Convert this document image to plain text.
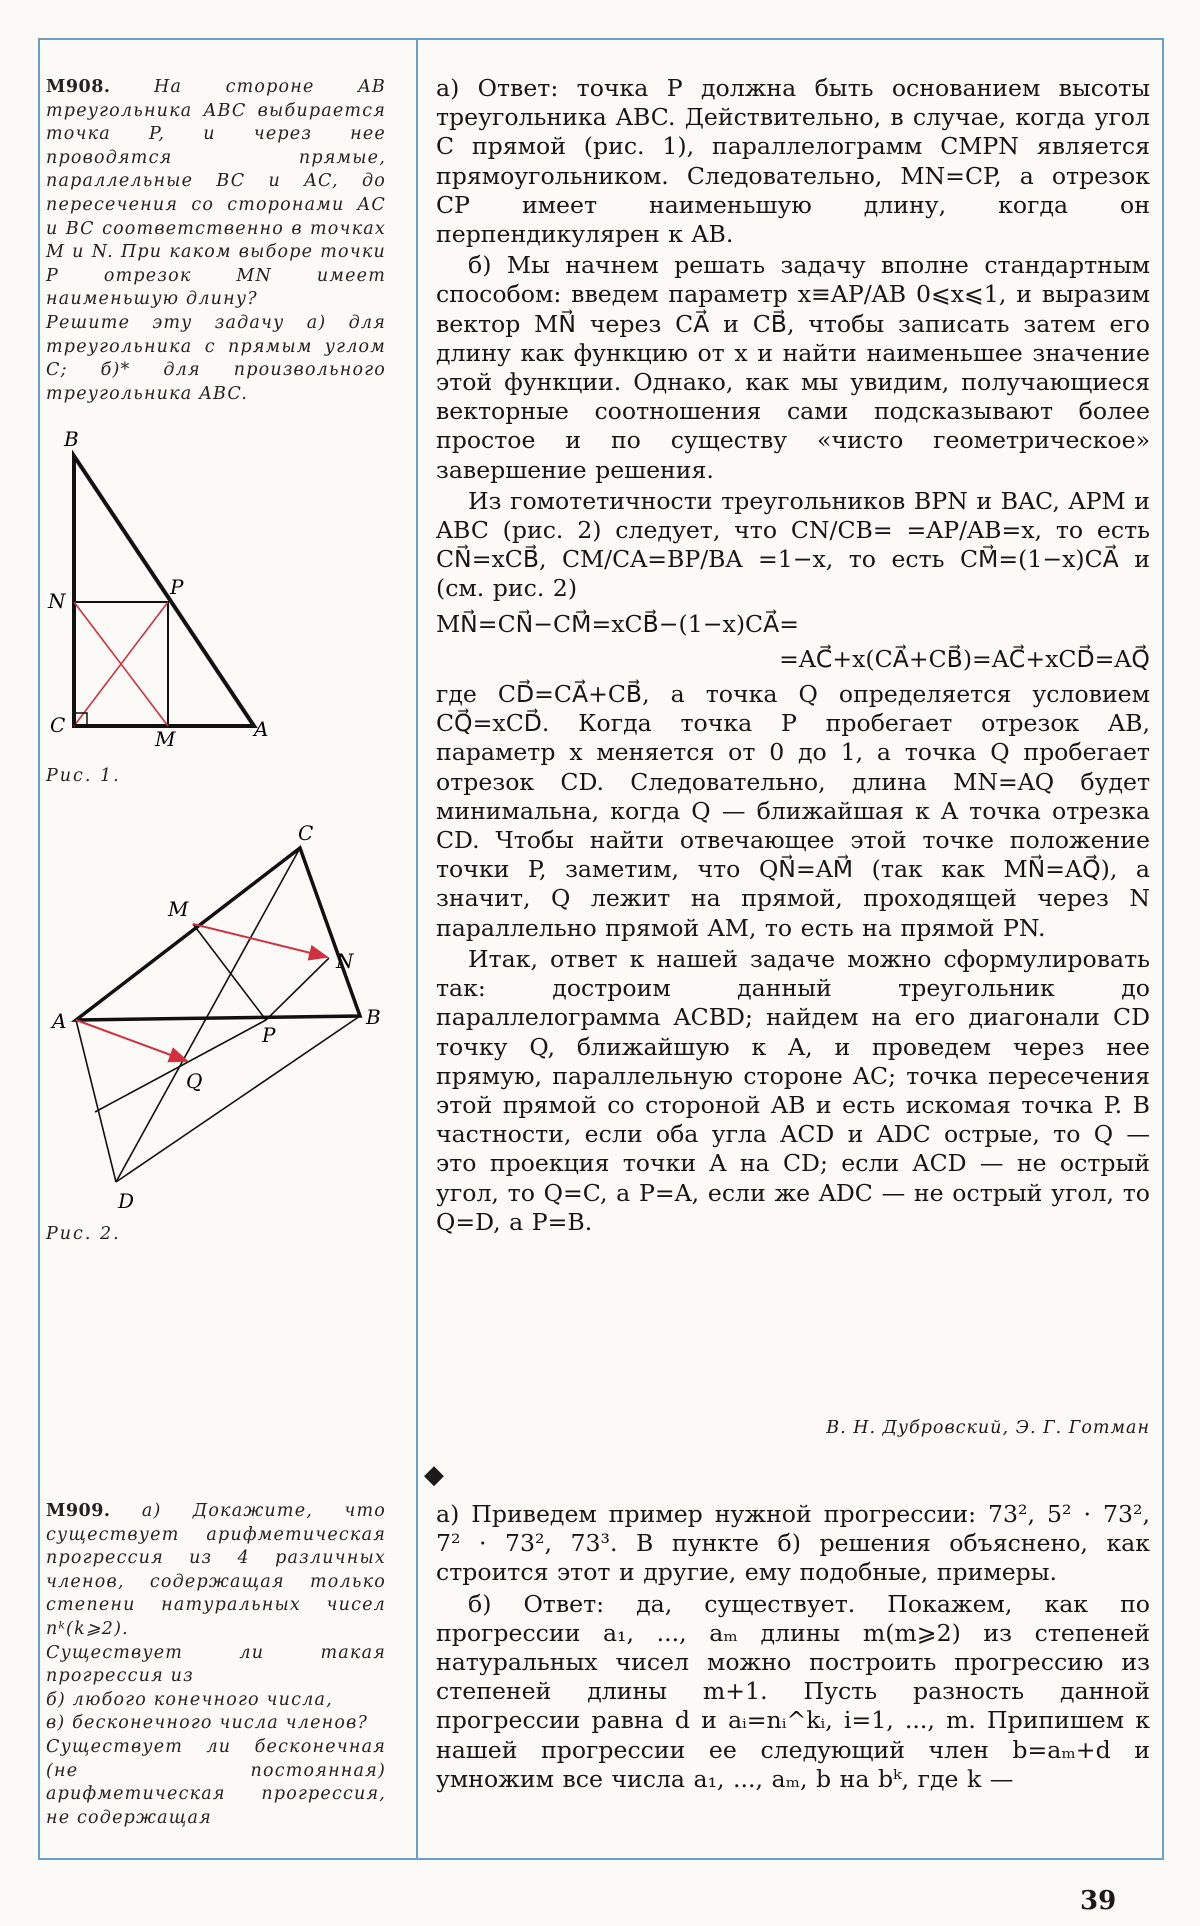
М908. На стороне AB треугольника ABC выбирается точка P, и через нее проводятся прямые, параллельные BC и AC, до пересечения со сторонами AC и BC соответственно в точках M и N. При каком выборе точки P отрезок MN имеет наименьшую длину?

Решите эту задачу а) для треугольника с прямым углом C; б)* для произвольного треугольника ABC.

B
N
P
C
M	A
Рис. 1.
C
M
N
A
P
B
Q
D
Рис. 2.

а) Ответ: точка P должна быть основанием высоты треугольника ABC. Действительно, в случае, когда угол C прямой (рис. 1), параллелограмм CMPN является прямоугольником. Следовательно, MN=CP, а отрезок CP имеет наименьшую длину, когда он перпендикулярен к AB.

б) Мы начнем решать задачу вполне стандартным способом: введем параметр x≡AP/AB 0⩽x⩽1, и выразим вектор MN⃗ через CA⃗ и CB⃗, чтобы записать затем его длину как функцию от x и найти наименьшее значение этой функции. Однако, как мы увидим, получающиеся векторные соотношения сами подсказывают более простое и по существу «чисто геометрическое» завершение решения.

Из гомотетичности треугольников BPN и BAC, APM и ABC (рис. 2) следует, что CN/CB= =AP/AB=x, то есть CN⃗=xCB⃗, CM/CA=BP/BA =1−x, то есть CM⃗=(1−x)CA⃗ и (см. рис. 2)

MN⃗=CN⃗−CM⃗=xCB⃗−(1−x)CA⃗=

=AC⃗+x(CA⃗+CB⃗)=AC⃗+xCD⃗=AQ⃗

где CD⃗=CA⃗+CB⃗, а точка Q определяется условием CQ⃗=xCD⃗. Когда точка P пробегает отрезок AB, параметр x меняется от 0 до 1, а точка Q пробегает отрезок CD. Следовательно, длина MN=AQ будет минимальна, когда Q — ближайшая к A точка отрезка CD. Чтобы найти отвечающее этой точке положение точки P, заметим, что QN⃗=AM⃗ (так как MN⃗=AQ⃗), а значит, Q лежит на прямой, проходящей через N параллельно прямой AM, то есть на прямой PN.

Итак, ответ к нашей задаче можно сформулировать так: достроим данный треугольник до параллелограмма ACBD; найдем на его диагонали CD точку Q, ближайшую к A, и проведем через нее прямую, параллельную стороне AC; точка пересечения этой прямой со стороной AB и есть искомая точка P. В частности, если оба угла ACD и ADC острые, то Q — это проекция точки A на CD; если ACD — не острый угол, то Q=C, а P=A, если же ADC — не острый угол, то Q=D, а P=B.

В. Н. Дубровский, Э. Г. Готман
◆

М909. а) Докажите, что существует арифметическая прогрессия из 4 различных членов, содержащая только степени натуральных чисел nᵏ(k⩾2).

Существует ли такая прогрессия из

б) любого конечного числа,

в) бесконечного числа членов?

Существует ли бесконечная (не постоянная) арифметическая прогрессия, не содержащая

а) Приведем пример нужной прогрессии: 73², 5² · 73², 7² · 73², 73³. В пункте б) решения объяснено, как строится этот и другие, ему подобные, примеры.

б) Ответ: да, существует. Покажем, как по прогрессии a₁, ..., aₘ длины m(m⩾2) из степеней натуральных чисел можно построить прогрессию из степеней длины m+1. Пусть разность данной прогрессии равна d и aᵢ=nᵢ^kᵢ, i=1, ..., m. Припишем к нашей прогрессии ее следующий член b=aₘ+d и умножим все числа a₁, ..., aₘ, b на bᵏ, где k —

39
